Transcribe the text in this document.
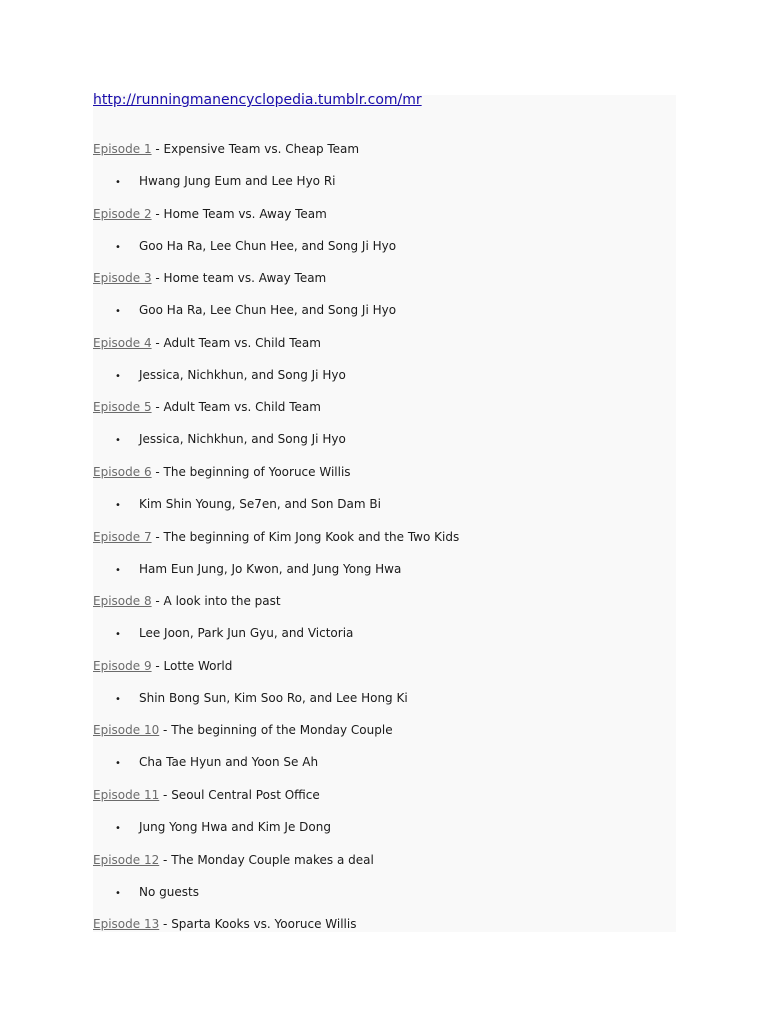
http://runningmanencyclopedia.tumblr.com/mr
Episode 1 - Expensive Team vs. Cheap Team
• Hwang Jung Eum and Lee Hyo Ri
Episode 2 - Home Team vs. Away Team
• Goo Ha Ra, Lee Chun Hee, and Song Ji Hyo
Episode 3 - Home team vs. Away Team
• Goo Ha Ra, Lee Chun Hee, and Song Ji Hyo
Episode 4 - Adult Team vs. Child Team
• Jessica, Nichkhun, and Song Ji Hyo
Episode 5 - Adult Team vs. Child Team
• Jessica, Nichkhun, and Song Ji Hyo
Episode 6 - The beginning of Yooruce Willis
• Kim Shin Young, Se7en, and Son Dam Bi
Episode 7 - The beginning of Kim Jong Kook and the Two Kids
• Ham Eun Jung, Jo Kwon, and Jung Yong Hwa
Episode 8 - A look into the past
• Lee Joon, Park Jun Gyu, and Victoria
Episode 9 - Lotte World
• Shin Bong Sun, Kim Soo Ro, and Lee Hong Ki
Episode 10 - The beginning of the Monday Couple
• Cha Tae Hyun and Yoon Se Ah
Episode 11 - Seoul Central Post Office
• Jung Yong Hwa and Kim Je Dong
Episode 12 - The Monday Couple makes a deal
• No guests
Episode 13 - Sparta Kooks vs. Yooruce Willis
